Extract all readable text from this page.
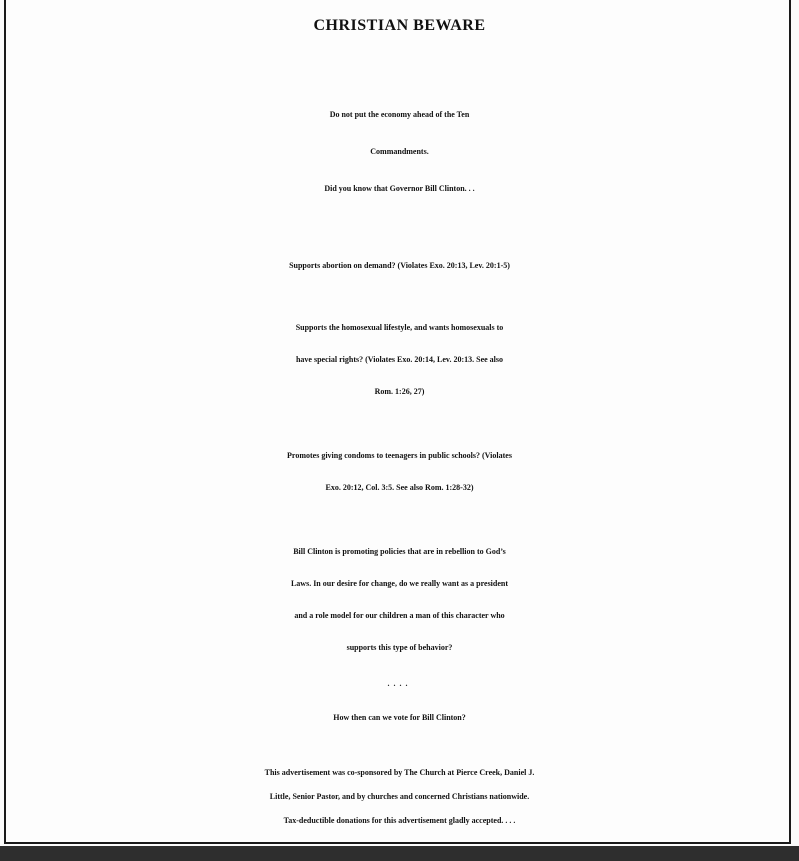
CHRISTIAN BEWARE
Do not put the economy ahead of the Ten
Commandments.
Did you know that Governor Bill Clinton. . .
Supports abortion on demand? (Violates Exo. 20:13, Lev. 20:1-5)
Supports the homosexual lifestyle, and wants homosexuals to
have special rights? (Violates Exo. 20:14, Lev. 20:13. See also
Rom. 1:26, 27)
Promotes giving condoms to teenagers in public schools? (Violates
Exo. 20:12, Col. 3:5. See also Rom. 1:28-32)
Bill Clinton is promoting policies that are in rebellion to God’s
Laws. In our desire for change, do we really want as a president
and a role model for our children a man of this character who
supports this type of behavior?
....
How then can we vote for Bill Clinton?
This advertisement was co-sponsored by The Church at Pierce Creek, Daniel J.
Little, Senior Pastor, and by churches and concerned Christians nationwide.
Tax-deductible donations for this advertisement gladly accepted. . . .
